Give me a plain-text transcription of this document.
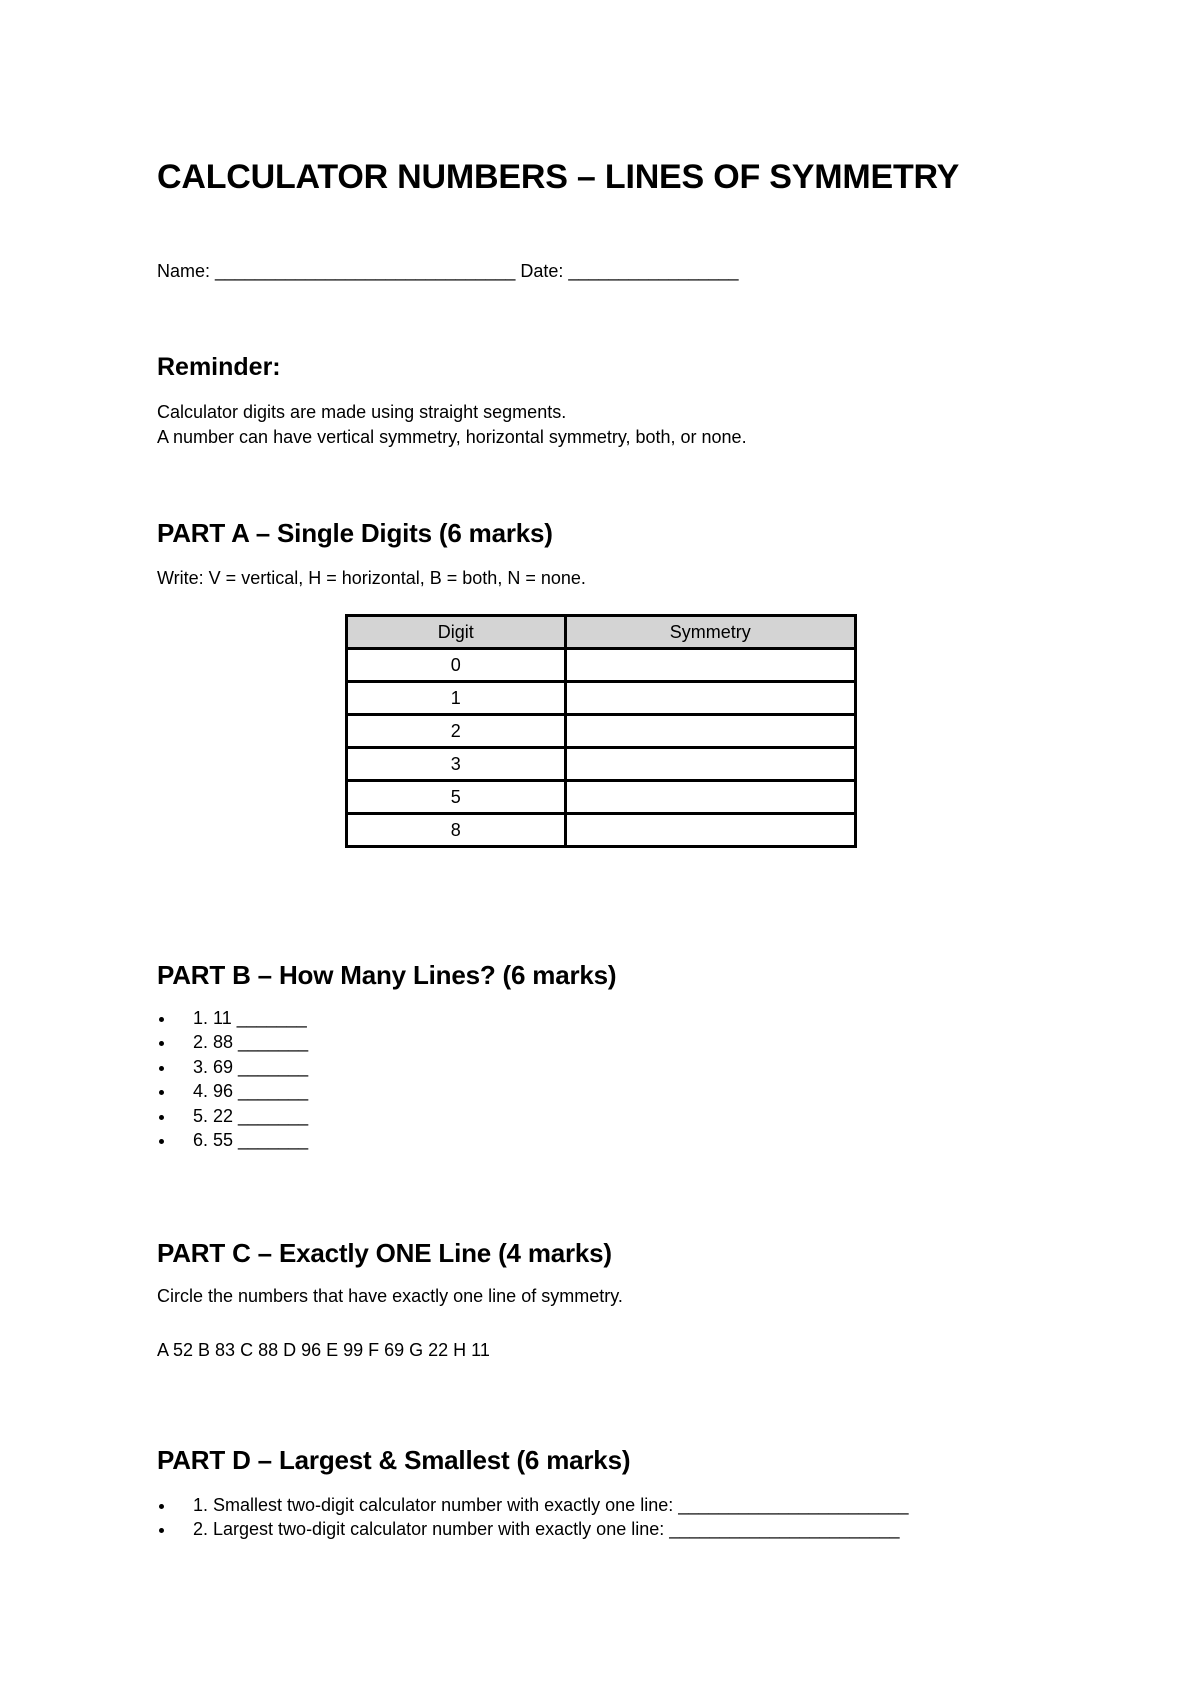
CALCULATOR NUMBERS – LINES OF SYMMETRY
Name: ______________________________ Date: _________________
Reminder:
Calculator digits are made using straight segments.
A number can have vertical symmetry, horizontal symmetry, both, or none.
PART A – Single Digits (6 marks)
Write: V = vertical, H = horizontal, B = both, N = none.
Digit	Symmetry
0	
1	
2	
3	
5	
8	
PART B – How Many Lines? (6 marks)
1. 11 _______
2. 88 _______
3. 69 _______
4. 96 _______
5. 22 _______
6. 55 _______
PART C – Exactly ONE Line (4 marks)
Circle the numbers that have exactly one line of symmetry.
A 52 B 83 C 88 D 96 E 99 F 69 G 22 H 11
PART D – Largest & Smallest (6 marks)
1. Smallest two-digit calculator number with exactly one line: _______________________
2. Largest two-digit calculator number with exactly one line: _______________________
